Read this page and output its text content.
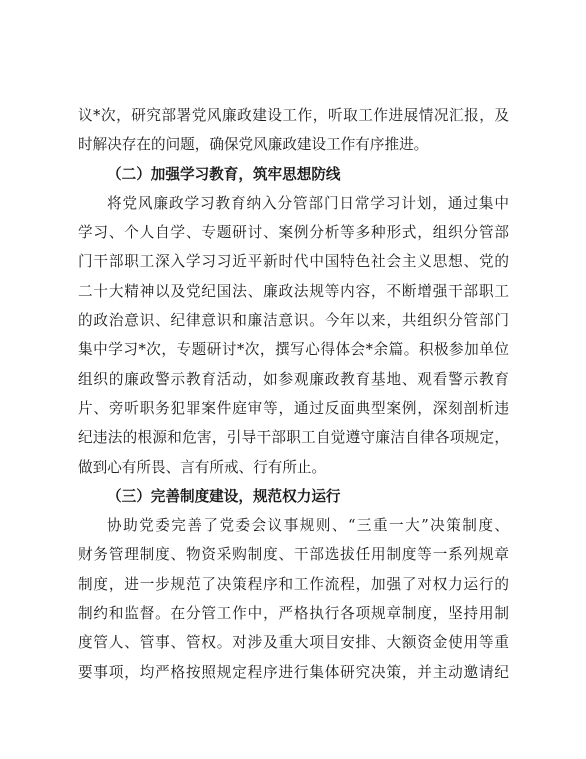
议*次，研究部署党风廉政建设工作，听取工作进展情况汇报，及
时解决存在的问题，确保党风廉政建设工作有序推进。
（二）加强学习教育，筑牢思想防线
将党风廉政学习教育纳入分管部门日常学习计划，通过集中
学习、个人自学、专题研讨、案例分析等多种形式，组织分管部
门干部职工深入学习习近平新时代中国特色社会主义思想、党的
二十大精神以及党纪国法、廉政法规等内容，不断增强干部职工
的政治意识、纪律意识和廉洁意识。今年以来，共组织分管部门
集中学习*次，专题研讨*次，撰写心得体会*余篇。积极参加单位
组织的廉政警示教育活动，如参观廉政教育基地、观看警示教育
片、旁听职务犯罪案件庭审等，通过反面典型案例，深刻剖析违
纪违法的根源和危害，引导干部职工自觉遵守廉洁自律各项规定，
做到心有所畏、言有所戒、行有所止。
（三）完善制度建设，规范权力运行
协助党委完善了党委会议事规则、“三重一大”决策制度、
财务管理制度、物资采购制度、干部选拔任用制度等一系列规章
制度，进一步规范了决策程序和工作流程，加强了对权力运行的
制约和监督。在分管工作中，严格执行各项规章制度，坚持用制
度管人、管事、管权。对涉及重大项目安排、大额资金使用等重
要事项，均严格按照规定程序进行集体研究决策，并主动邀请纪
